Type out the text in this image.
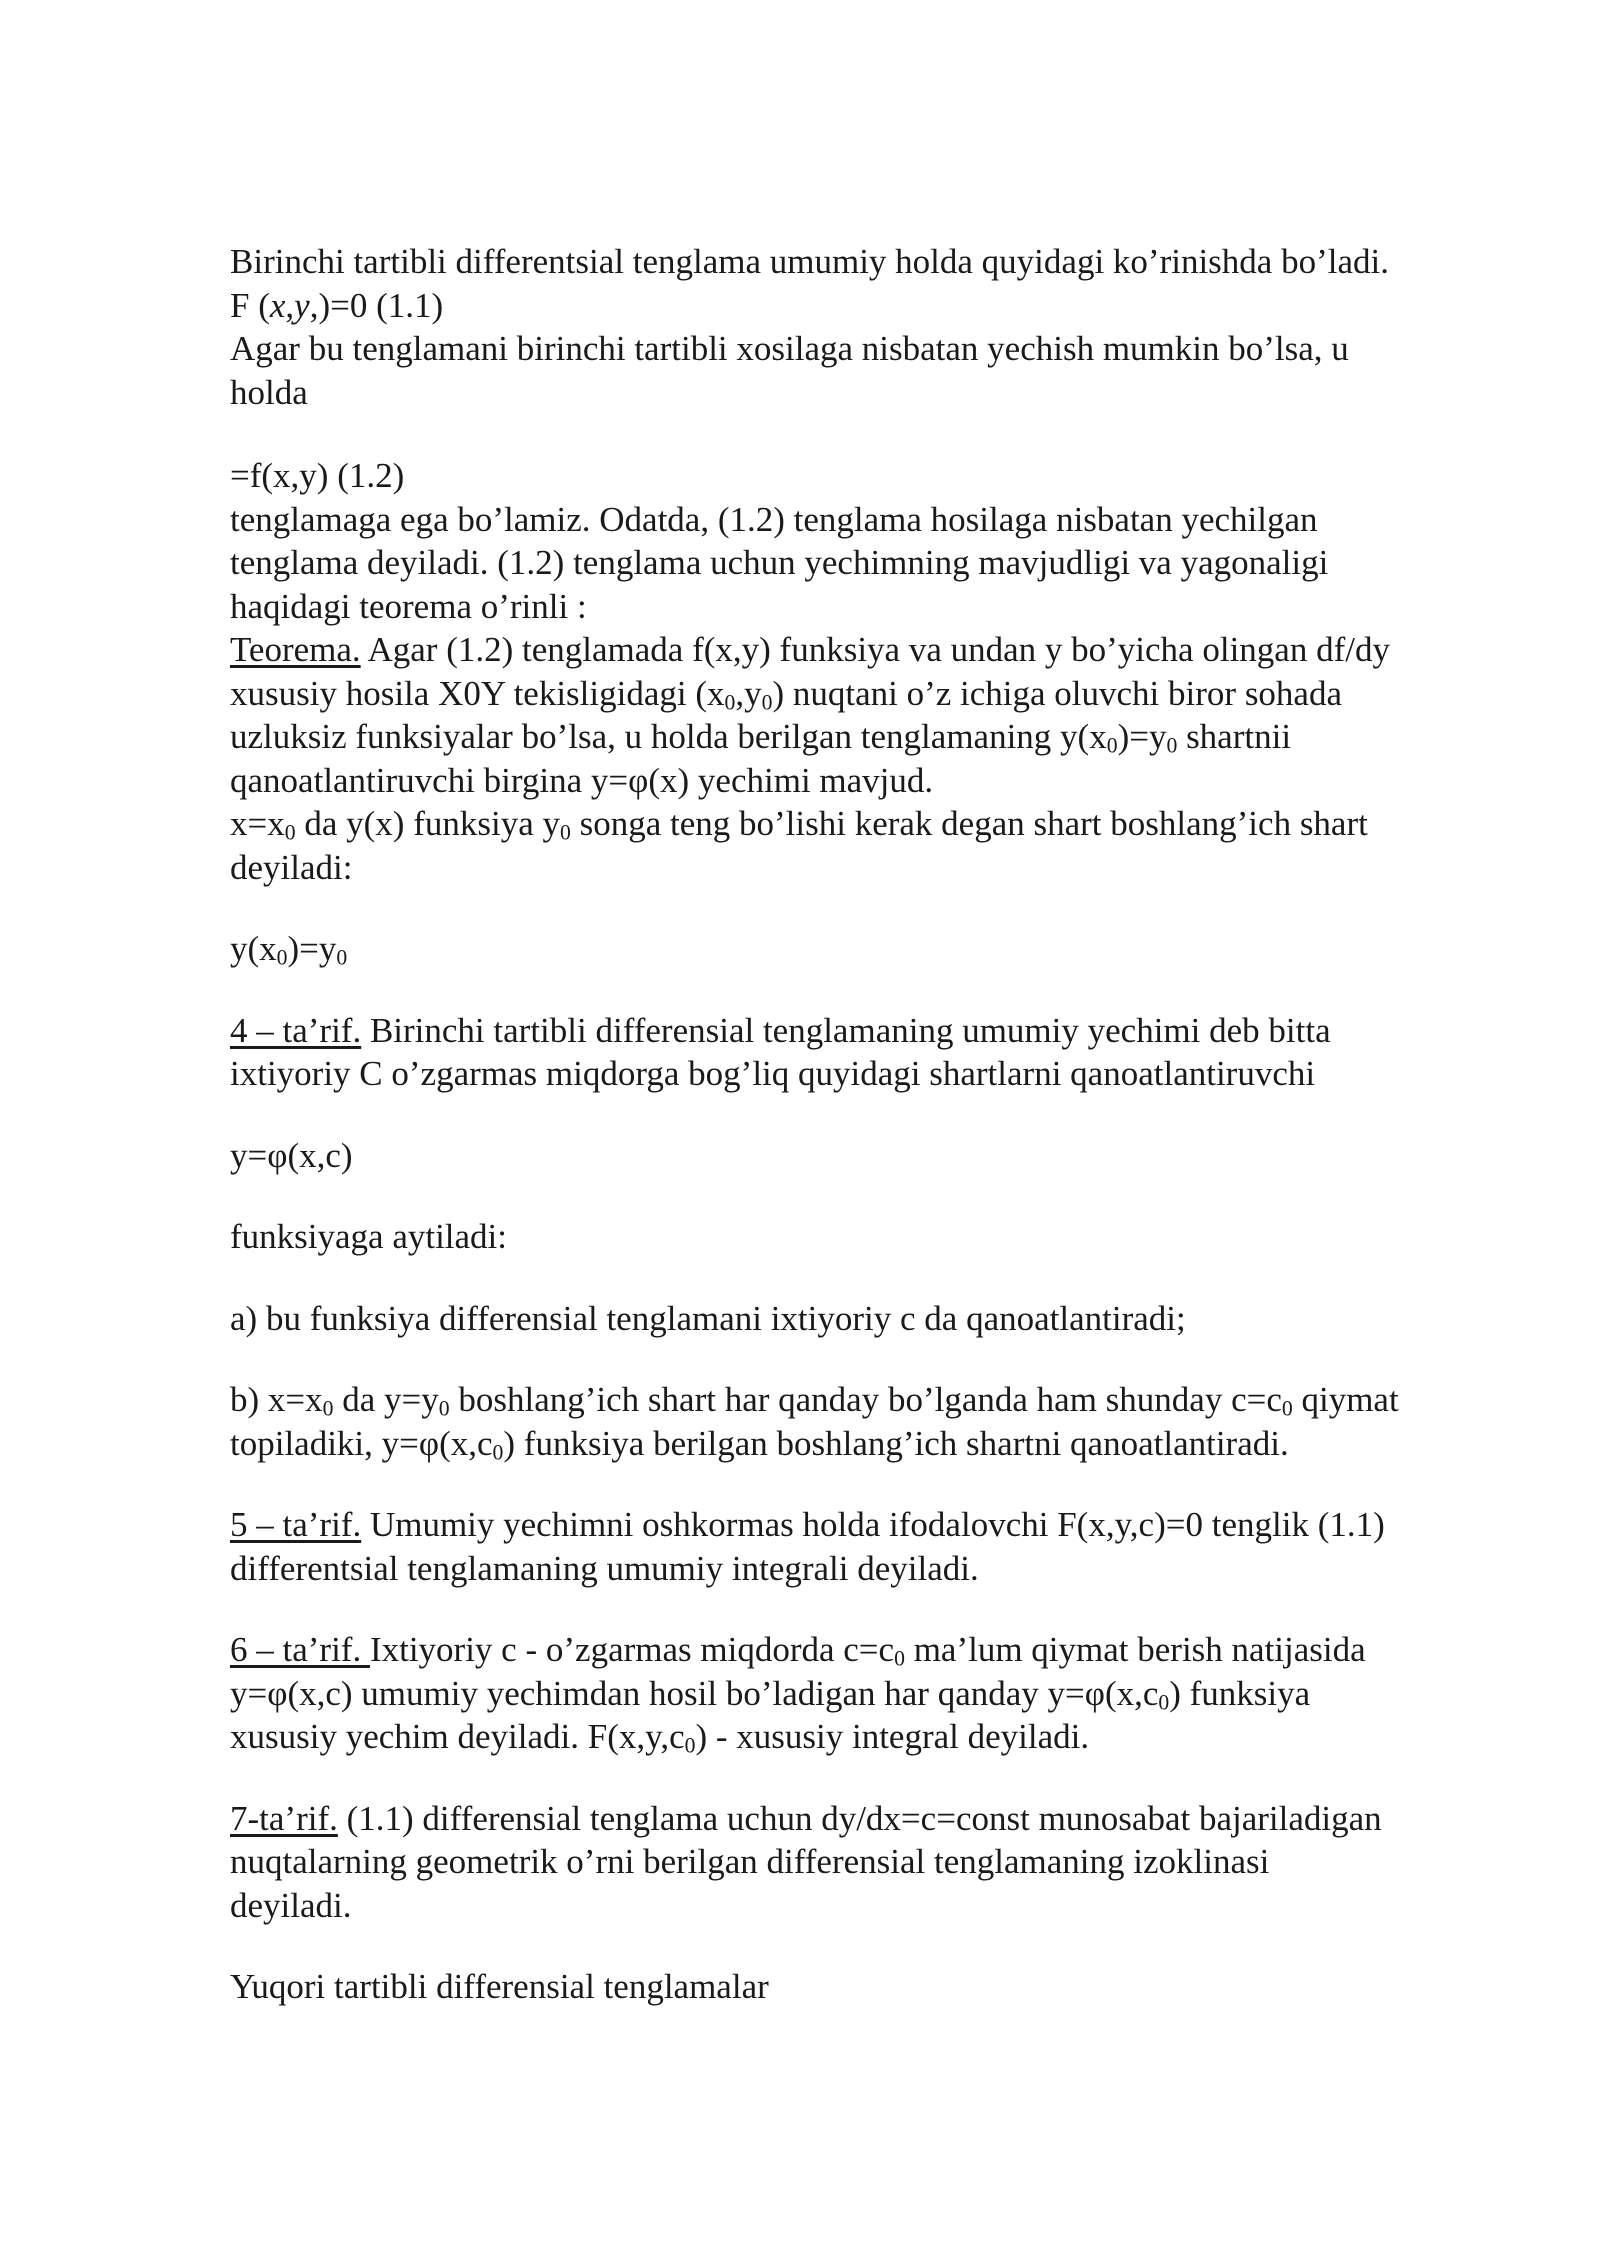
Birinchi tartibli differentsial tenglama umumiy holda quyidagi ko’rinishda bo’ladi.
F (x,y,)=0 (1.1)
Agar bu tenglamani birinchi tartibli xosilaga nisbatan yechish mumkin bo’lsa, u
holda
=f(x,y) (1.2)
tenglamaga ega bo’lamiz. Odatda, (1.2) tenglama hosilaga nisbatan yechilgan
tenglama deyiladi. (1.2) tenglama uchun yechimning mavjudligi va yagonaligi
haqidagi teorema o’rinli :
Teorema. Agar (1.2) tenglamada f(x,y) funksiya va undan y bo’yicha olingan df/dy
xususiy hosila X0Y tekisligidagi $(x_0,y_0)$ nuqtani o’z ichiga oluvchi biror sohada
uzluksiz funksiyalar bo’lsa, u holda berilgan tenglamaning $y(x_0)=y_0$ shartnii
qanoatlantiruvchi birgina y=φ(x) yechimi mavjud.
$x=x_0$ da y(x) funksiya $y_0$ songa teng bo’lishi kerak degan shart boshlang’ich shart
deyiladi:
$y(x_0)=y_0$
4 – ta’rif. Birinchi tartibli differensial tenglamaning umumiy yechimi deb bitta
ixtiyoriy C o’zgarmas miqdorga bog’liq quyidagi shartlarni qanoatlantiruvchi
y=φ(x,c)
funksiyaga aytiladi:
a) bu funksiya differensial tenglamani ixtiyoriy c da qanoatlantiradi;
b) $x=x_0$ da $y=y_0$ boshlang’ich shart har qanday bo’lganda ham shunday $c=c_0$ qiymat
topiladiki, $y=\varphi(x,c_0)$ funksiya berilgan boshlang’ich shartni qanoatlantiradi.
5 – ta’rif. Umumiy yechimni oshkormas holda ifodalovchi F(x,y,c)=0 tenglik (1.1)
differentsial tenglamaning umumiy integrali deyiladi.
6 – ta’rif. Ixtiyoriy c - o’zgarmas miqdorda $c=c_0$ ma’lum qiymat berish natijasida
y=φ(x,c) umumiy yechimdan hosil bo’ladigan har qanday $y=\varphi(x,c_0)$ funksiya
xususiy yechim deyiladi. $F(x,y,c_0)$ - xususiy integral deyiladi.
7-ta’rif. (1.1) differensial tenglama uchun dy/dx=c=const munosabat bajariladigan
nuqtalarning geometrik o’rni berilgan differensial tenglamaning izoklinasi
deyiladi.
Yuqori tartibli differensial tenglamalar
